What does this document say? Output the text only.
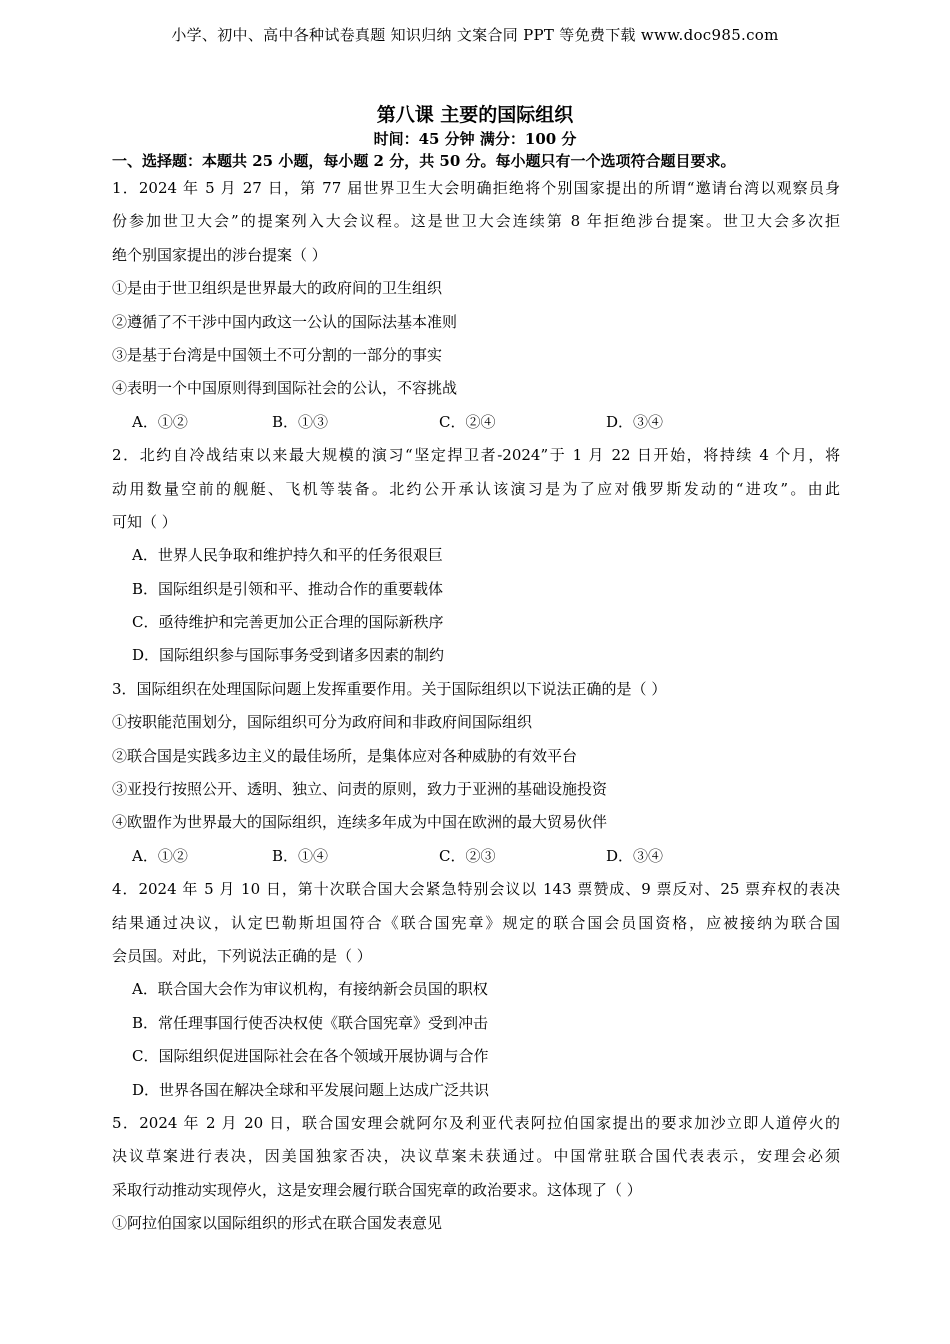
小学、初中、高中各种试卷真题 知识归纳 文案合同 PPT 等免费下载 www.doc985.com
第八课 主要的国际组织
时间：45 分钟 满分：100 分
一、选择题：本题共 25 小题，每小题 2 分，共 50 分。每小题只有一个选项符合题目要求。
1．2024 年 5 月 27 日，第 77 届世界卫生大会明确拒绝将个别国家提出的所谓“邀请台湾以观察员身
份参加世卫大会”的提案列入大会议程。这是世卫大会连续第 8 年拒绝涉台提案。世卫大会多次拒
绝个别国家提出的涉台提案（ ）
①是由于世卫组织是世界最大的政府间的卫生组织
②遵循了不干涉中国内政这一公认的国际法基本准则
③是基于台湾是中国领土不可分割的一部分的事实
④表明一个中国原则得到国际社会的公认，不容挑战
A．①②	B．①③	C．②④	D．③④
2．北约自冷战结束以来最大规模的演习“坚定捍卫者-2024”于 1 月 22 日开始，将持续 4 个月，将
动用数量空前的舰艇、飞机等装备。北约公开承认该演习是为了应对俄罗斯发动的“进攻”。由此
可知（ ）
A．世界人民争取和维护持久和平的任务很艰巨
B．国际组织是引领和平、推动合作的重要载体
C．亟待维护和完善更加公正合理的国际新秩序
D．国际组织参与国际事务受到诸多因素的制约
3．国际组织在处理国际问题上发挥重要作用。关于国际组织以下说法正确的是（ ）
①按职能范围划分，国际组织可分为政府间和非政府间国际组织
②联合国是实践多边主义的最佳场所，是集体应对各种威胁的有效平台
③亚投行按照公开、透明、独立、问责的原则，致力于亚洲的基础设施投资
④欧盟作为世界最大的国际组织，连续多年成为中国在欧洲的最大贸易伙伴
A．①②	B．①④	C．②③	D．③④
4．2024 年 5 月 10 日，第十次联合国大会紧急特别会议以 143 票赞成、9 票反对、25 票弃权的表决
结果通过决议，认定巴勒斯坦国符合《联合国宪章》规定的联合国会员国资格，应被接纳为联合国
会员国。对此，下列说法正确的是（ ）
A．联合国大会作为审议机构，有接纳新会员国的职权
B．常任理事国行使否决权使《联合国宪章》受到冲击
C．国际组织促进国际社会在各个领域开展协调与合作
D．世界各国在解决全球和平发展问题上达成广泛共识
5．2024 年 2 月 20 日，联合国安理会就阿尔及利亚代表阿拉伯国家提出的要求加沙立即人道停火的
决议草案进行表决，因美国独家否决，决议草案未获通过。中国常驻联合国代表表示，安理会必须
采取行动推动实现停火，这是安理会履行联合国宪章的政治要求。这体现了（ ）
①阿拉伯国家以国际组织的形式在联合国发表意见
